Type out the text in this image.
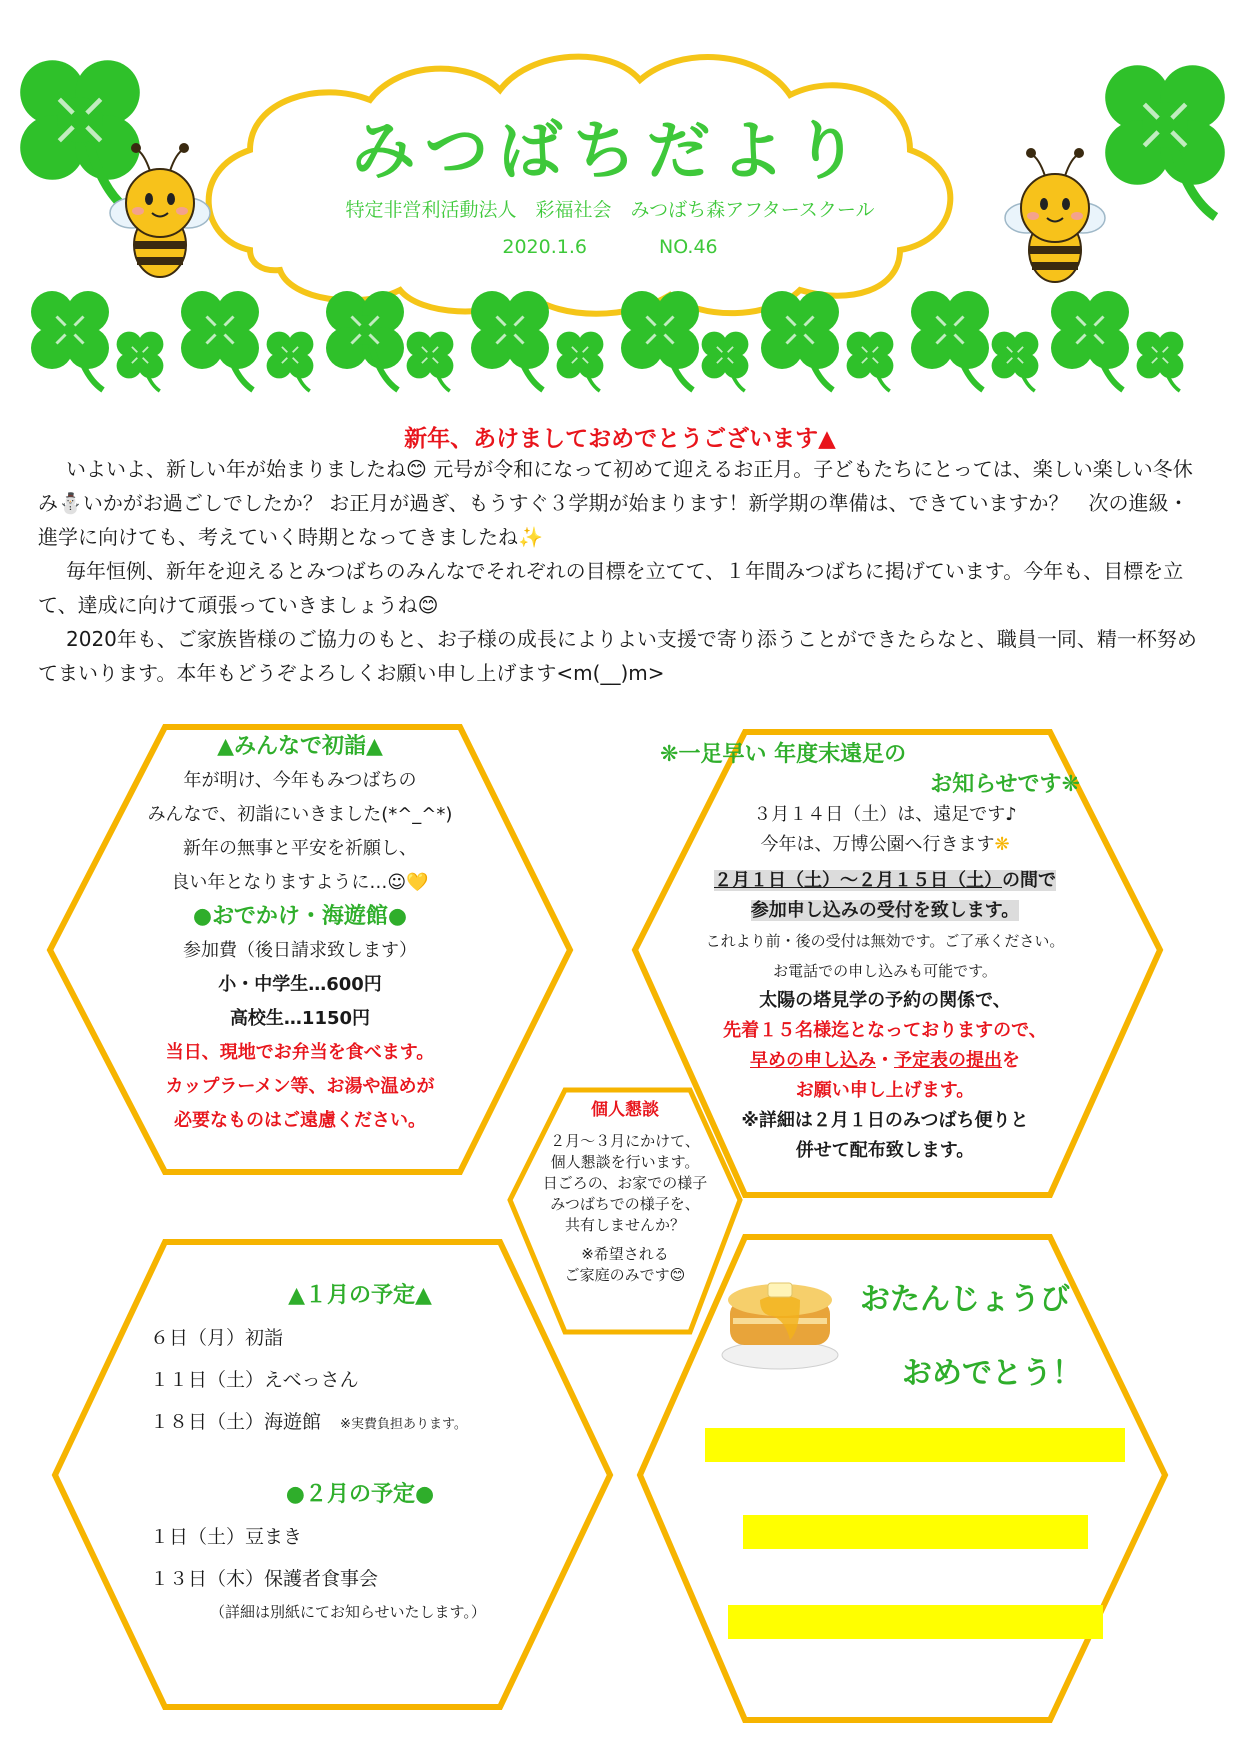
みつばちだより
特定非営利活動法人　彩福社会　みつばち森アフタースクール
2020.1.6	NO.46
新年、あけましておめでとうございます▲

いよいよ、新しい年が始まりましたね😊 元号が令和になって初めて迎えるお正月。子どもたちにとっては、楽しい楽しい冬休み⛄いかがお過ごしでしたか？ お正月が過ぎ、もうすぐ３学期が始まります！新学期の準備は、できていますか？　次の進級・進学に向けても、考えていく時期となってきましたね✨

毎年恒例、新年を迎えるとみつばちのみんなでそれぞれの目標を立てて、１年間みつばちに掲げています。今年も、目標を立て、達成に向けて頑張っていきましょうね😊

2020年も、ご家族皆様のご協力のもと、お子様の成長によりよい支援で寄り添うことができたらなと、職員一同、精一杯努めてまいります。本年もどうぞよろしくお願い申し上げます<m(__)m>

▲みんなで初詣▲
年が明け、今年もみつばちの
みんなで、初詣にいきました(*^_^*)
新年の無事と平安を祈願し、
良い年となりますように…☺💛
●おでかけ・海遊館●
参加費（後日請求致します）
小・中学生…600円
高校生…1150円
当日、現地でお弁当を食べます。
カップラーメン等、お湯や温めが
必要なものはご遠慮ください。
❋一足早い 年度末遠足の
お知らせです❋
３月１４日（土）は、遠足です♪
今年は、万博公園へ行きます❋
２月１日（土）～２月１５日（土）の間で
参加申し込みの受付を致します。
これより前・後の受付は無効です。ご了承ください。
お電話での申し込みも可能です。
太陽の塔見学の予約の関係で、
先着１５名様迄となっておりますので、
早めの申し込み・予定表の提出を
お願い申し上げます。
※詳細は２月１日のみつばち便りと
併せて配布致します。
個人懇談
２月～３月にかけて、
個人懇談を行います。
日ごろの、お家での様子
みつばちでの様子を、
共有しませんか？
※希望される
ご家庭のみです😊
▲１月の予定▲
６日（月）初詣
１１日（土）えべっさん
１８日（土）海遊館　 ※実費負担あります。
●２月の予定●
１日（土）豆まき
１３日（木）保護者食事会
（詳細は別紙にてお知らせいたします。）
おたんじょうび
おめでとう！
